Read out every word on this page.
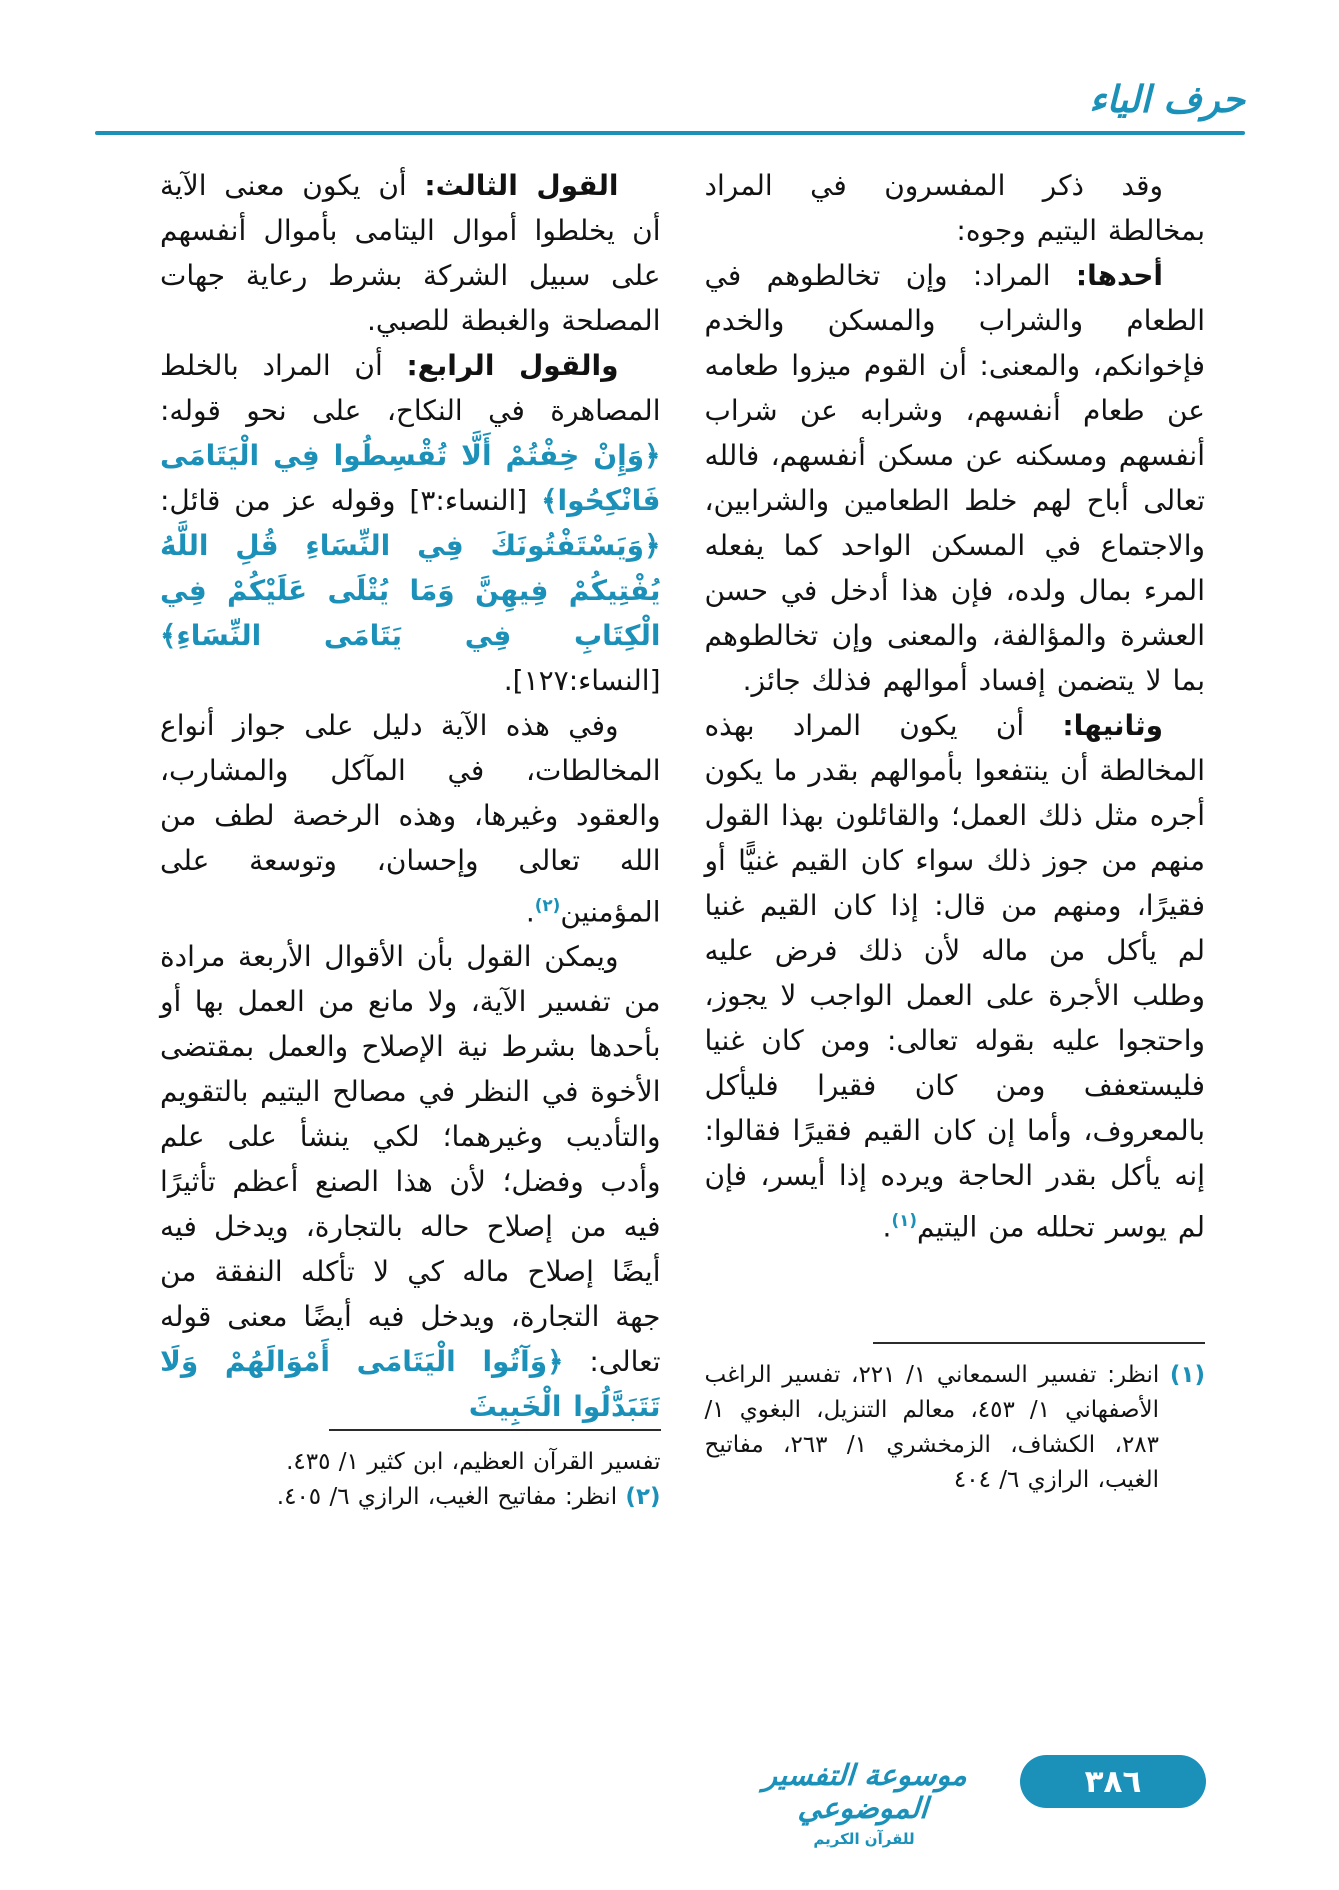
حرف الياء

وقد ذكر المفسرون في المراد بمخالطة اليتيم وجوه:

أحدها: المراد: وإن تخالطوهم في الطعام والشراب والمسكن والخدم فإخوانكم، والمعنى: أن القوم ميزوا طعامه عن طعام أنفسهم، وشرابه عن شراب أنفسهم ومسكنه عن مسكن أنفسهم، فالله تعالى أباح لهم خلط الطعامين والشرابين، والاجتماع في المسكن الواحد كما يفعله المرء بمال ولده، فإن هذا أدخل في حسن العشرة والمؤالفة، والمعنى وإن تخالطوهم بما لا يتضمن إفساد أموالهم فذلك جائز.

وثانيها: أن يكون المراد بهذه المخالطة أن ينتفعوا بأموالهم بقدر ما يكون أجره مثل ذلك العمل؛ والقائلون بهذا القول منهم من جوز ذلك سواء كان القيم غنيًّا أو فقيرًا، ومنهم من قال: إذا كان القيم غنيا لم يأكل من ماله لأن ذلك فرض عليه وطلب الأجرة على العمل الواجب لا يجوز، واحتجوا عليه بقوله تعالى: ومن كان غنيا فليستعفف ومن كان فقيرا فليأكل بالمعروف، وأما إن كان القيم فقيرًا فقالوا: إنه يأكل بقدر الحاجة ويرده إذا أيسر، فإن لم يوسر تحلله من اليتيم$^{(١)}$.

(١) انظر: تفسير السمعاني ١/ ٢٢١، تفسير الراغب الأصفهاني ١/ ٤٥٣، معالم التنزيل، البغوي ١/ ٢٨٣، الكشاف، الزمخشري ١/ ٢٦٣، مفاتيح الغيب، الرازي ٦/ ٤٠٤

القول الثالث: أن يكون معنى الآية أن يخلطوا أموال اليتامى بأموال أنفسهم على سبيل الشركة بشرط رعاية جهات المصلحة والغبطة للصبي.

والقول الرابع: أن المراد بالخلط المصاهرة في النكاح، على نحو قوله: ﴿وَإِنْ خِفْتُمْ أَلَّا تُقْسِطُوا فِي الْيَتَامَى فَانْكِحُوا﴾ [النساء:٣] وقوله عز من قائل: ﴿وَيَسْتَفْتُونَكَ فِي النِّسَاءِ قُلِ اللَّهُ يُفْتِيكُمْ فِيهِنَّ وَمَا يُتْلَى عَلَيْكُمْ فِي الْكِتَابِ فِي يَتَامَى النِّسَاءِ﴾ [النساء:١٢٧].

وفي هذه الآية دليل على جواز أنواع المخالطات، في المآكل والمشارب، والعقود وغيرها، وهذه الرخصة لطف من الله تعالى وإحسان، وتوسعة على المؤمنين$^{(٢)}$.

ويمكن القول بأن الأقوال الأربعة مرادة من تفسير الآية، ولا مانع من العمل بها أو بأحدها بشرط نية الإصلاح والعمل بمقتضى الأخوة في النظر في مصالح اليتيم بالتقويم والتأديب وغيرهما؛ لكي ينشأ على علم وأدب وفضل؛ لأن هذا الصنع أعظم تأثيرًا فيه من إصلاح حاله بالتجارة، ويدخل فيه أيضًا إصلاح ماله كي لا تأكله النفقة من جهة التجارة، ويدخل فيه أيضًا معنى قوله تعالى: ﴿وَآتُوا الْيَتَامَى أَمْوَالَهُمْ وَلَا تَتَبَدَّلُوا الْخَبِيثَ

تفسير القرآن العظيم، ابن كثير ١/ ٤٣٥.

(٢) انظر: مفاتيح الغيب، الرازي ٦/ ٤٠٥.

موسوعة التفسير الموضوعي
للقرآن الكريم
٣٨٦
